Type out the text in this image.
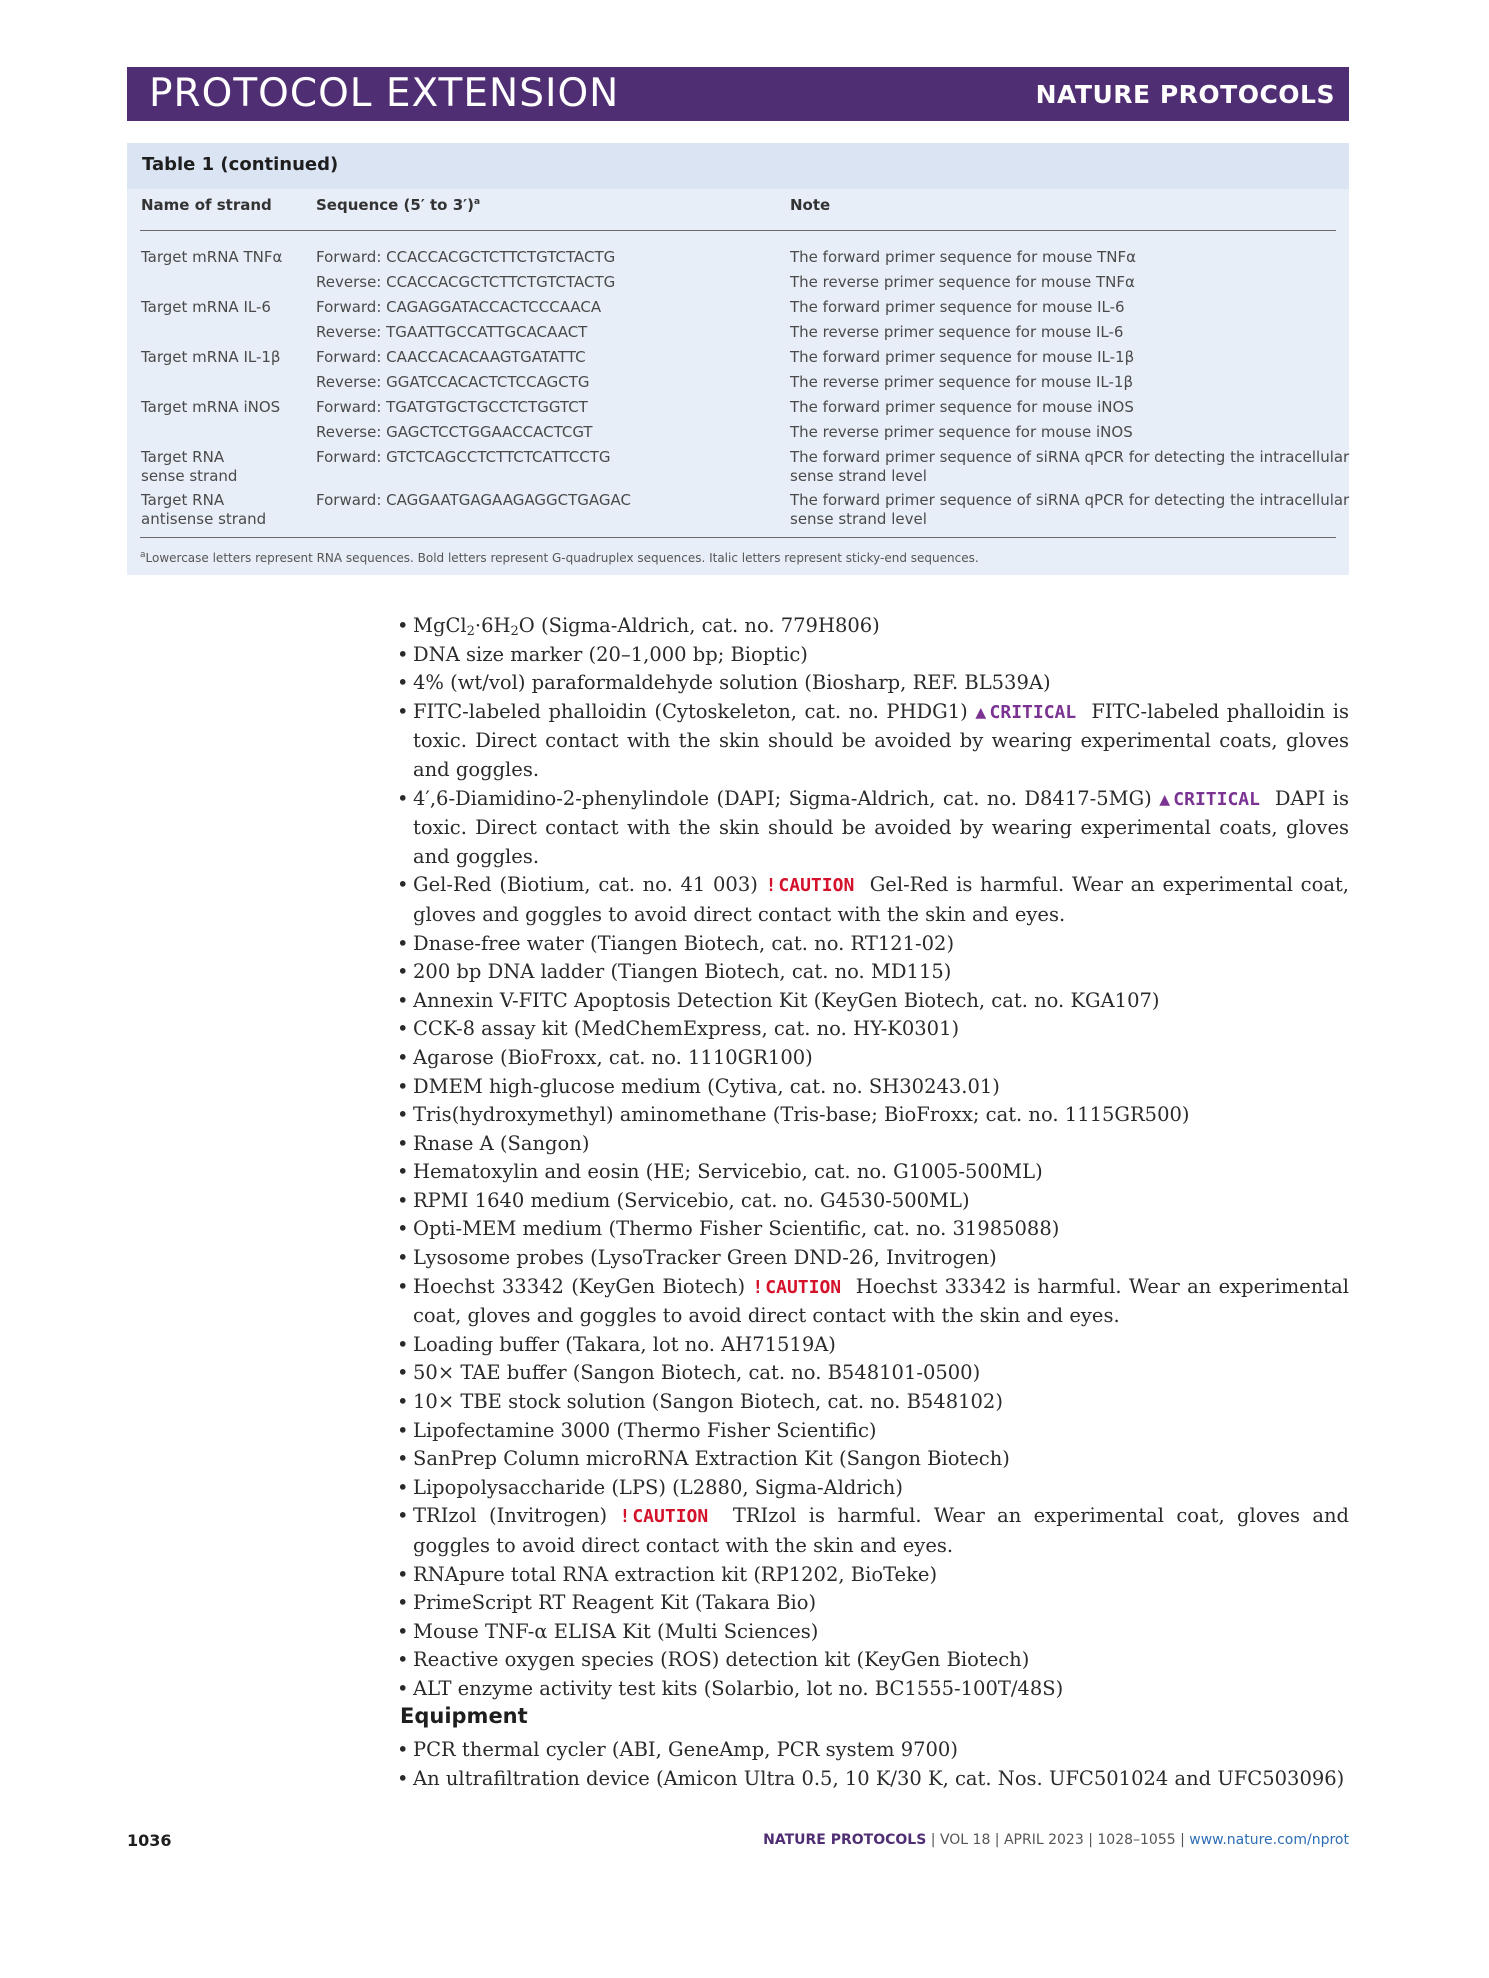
PROTOCOL EXTENSION	NATURE PROTOCOLS
Table 1 (continued)
Name of strand	Sequence (5′ to 3′)$^a$	Note
Target mRNA TNFα Forward: CCACCACGCTCTTCTGTCTACTG	The forward primer sequence for mouse TNFα
Reverse: CCACCACGCTCTTCTGTCTACTG	The reverse primer sequence for mouse TNFα
Target mRNA IL-6	Forward: CAGAGGATACCACTCCCAACA	The forward primer sequence for mouse IL-6
Reverse: TGAATTGCCATTGCACAACT	The reverse primer sequence for mouse IL-6
Target mRNA IL-1β Forward: CAACCACACAAGTGATATTC	The forward primer sequence for mouse IL-1β
Reverse: GGATCCACACTCTCCAGCTG	The reverse primer sequence for mouse IL-1β
Target mRNA iNOS Forward: TGATGTGCTGCCTCTGGTCT	The forward primer sequence for mouse iNOS
Reverse: GAGCTCCTGGAACCACTCGT	The reverse primer sequence for mouse iNOS
Target RNA
sense strand
Forward: GTCTCAGCCTCTTCTCATTCCTG	The forward primer sequence of siRNA qPCR for detecting the intracellular
sense strand level
Target RNA
antisense strand
Forward: CAGGAATGAGAAGAGGCTGAGAC	The forward primer sequence of siRNA qPCR for detecting the intracellular
sense strand level
$^a$Lowercase letters represent RNA sequences. Bold letters represent G-quadruplex sequences. Italic letters represent sticky-end sequences.
• $MgCl_2\cdot 6H_2O$ (Sigma-Aldrich, cat. no. 779H806)
• DNA size marker (20–1,000 bp; Bioptic)
• 4% (wt/vol) paraformaldehyde solution (Biosharp, REF. BL539A)
• FITC-labeled phalloidin (Cytoskeleton, cat. no. PHDG1) ▲ CRITICAL FITC-labeled phalloidin is toxic. Direct contact with the skin should be avoided by wearing experimental coats, gloves and goggles.
• 4′,6-Diamidino-2-phenylindole (DAPI; Sigma-Aldrich, cat. no. D8417-5MG) ▲ CRITICAL DAPI is toxic. Direct contact with the skin should be avoided by wearing experimental coats, gloves and goggles.
• Gel-Red (Biotium, cat. no. 41 003) ! CAUTION Gel-Red is harmful. Wear an experimental coat, gloves and goggles to avoid direct contact with the skin and eyes.
• Dnase-free water (Tiangen Biotech, cat. no. RT121-02)
• 200 bp DNA ladder (Tiangen Biotech, cat. no. MD115)
• Annexin V-FITC Apoptosis Detection Kit (KeyGen Biotech, cat. no. KGA107)
• CCK-8 assay kit (MedChemExpress, cat. no. HY-K0301)
• Agarose (BioFroxx, cat. no. 1110GR100)
• DMEM high-glucose medium (Cytiva, cat. no. SH30243.01)
• Tris(hydroxymethyl) aminomethane (Tris-base; BioFroxx; cat. no. 1115GR500)
• Rnase A (Sangon)
• Hematoxylin and eosin (HE; Servicebio, cat. no. G1005-500ML)
• RPMI 1640 medium (Servicebio, cat. no. G4530-500ML)
• Opti-MEM medium (Thermo Fisher Scientific, cat. no. 31985088)
• Lysosome probes (LysoTracker Green DND-26, Invitrogen)
• Hoechst 33342 (KeyGen Biotech) ! CAUTION Hoechst 33342 is harmful. Wear an experimental coat, gloves and goggles to avoid direct contact with the skin and eyes.
• Loading buffer (Takara, lot no. AH71519A)
• 50× TAE buffer (Sangon Biotech, cat. no. B548101-0500)
• 10× TBE stock solution (Sangon Biotech, cat. no. B548102)
• Lipofectamine 3000 (Thermo Fisher Scientific)
• SanPrep Column microRNA Extraction Kit (Sangon Biotech)
• Lipopolysaccharide (LPS) (L2880, Sigma-Aldrich)
• TRIzol (Invitrogen) ! CAUTION TRIzol is harmful. Wear an experimental coat, gloves and goggles to avoid direct contact with the skin and eyes.
• RNApure total RNA extraction kit (RP1202, BioTeke)
• PrimeScript RT Reagent Kit (Takara Bio)
• Mouse TNF-α ELISA Kit (Multi Sciences)
• Reactive oxygen species (ROS) detection kit (KeyGen Biotech)
• ALT enzyme activity test kits (Solarbio, lot no. BC1555-100T/48S)
Equipment
• PCR thermal cycler (ABI, GeneAmp, PCR system 9700)
• An ultrafiltration device (Amicon Ultra 0.5, 10 K/30 K, cat. Nos. UFC501024 and UFC503096)
1036	NATURE PROTOCOLS | VOL 18 | APRIL 2023 | 1028–1055 | www.nature.com/nprot
